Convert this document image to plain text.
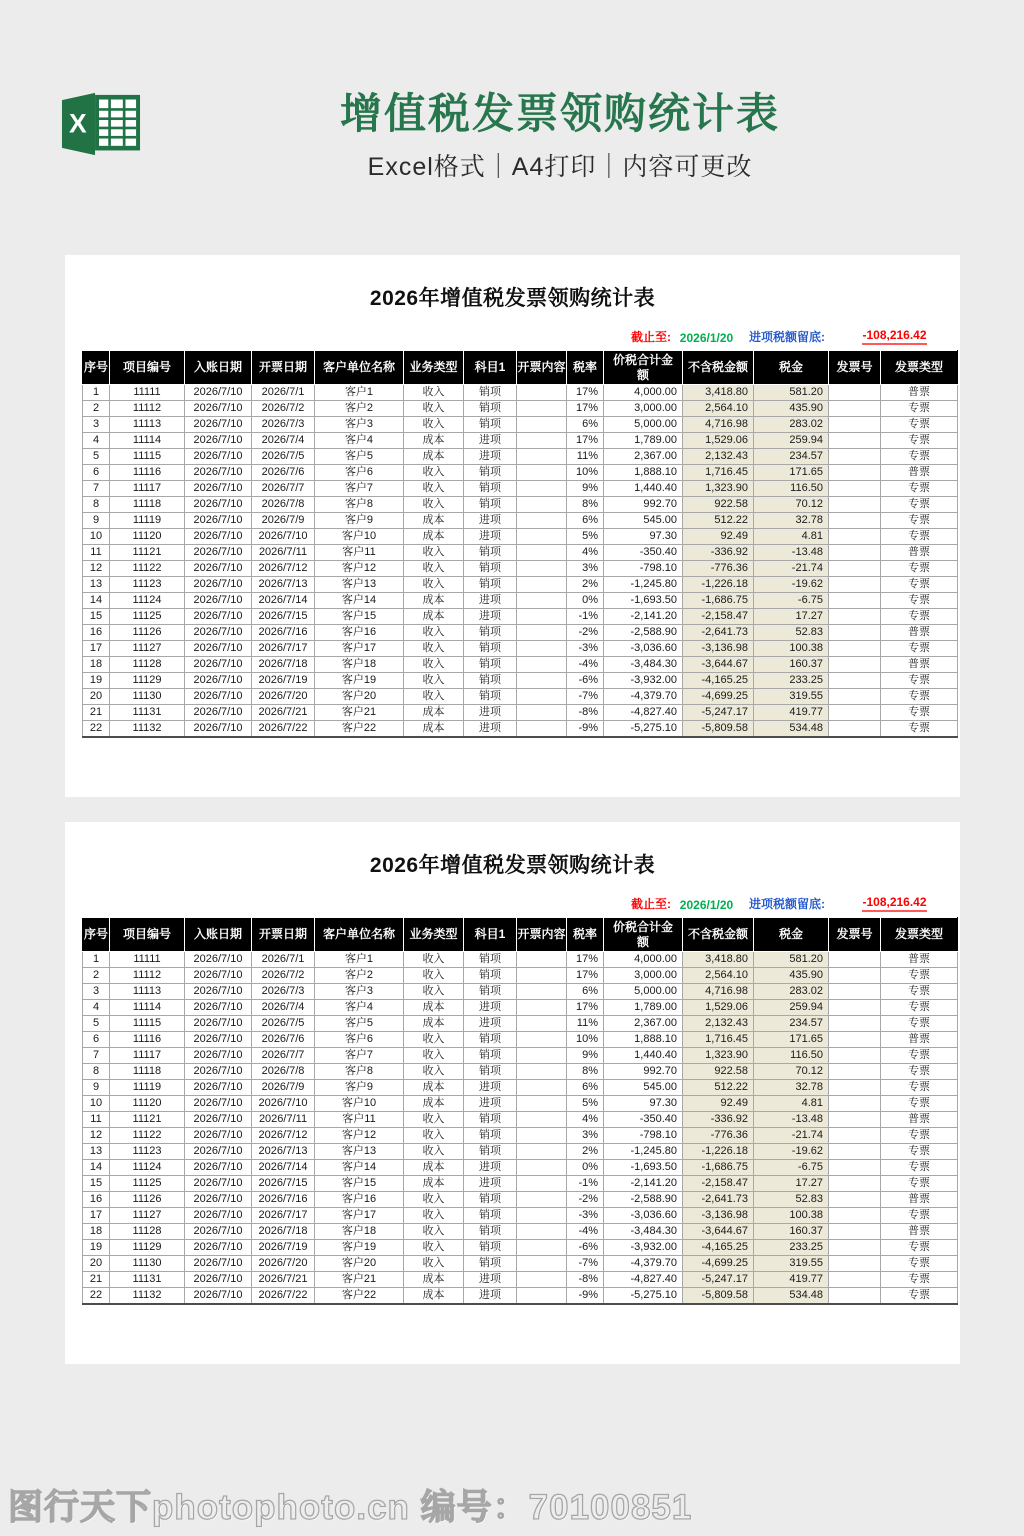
X	增值税发票领购统计表
Excel格式｜A4打印｜内容可更改
2026年增值税发票领购统计表
截止至: 2026/1/20	进项税额留底:	-108,216.42
序号	项目编号	入账日期	开票日期	客户单位名称	业务类型	科目1	开票内容	税率	价税合计金额	不含税金额	税金	发票号	发票类型
1	11111	2026/7/10	2026/7/1	客户1	收入	销项		17%	4,000.00	3,418.80	581.20		普票
2	11112	2026/7/10	2026/7/2	客户2	收入	销项		17%	3,000.00	2,564.10	435.90		专票
3	11113	2026/7/10	2026/7/3	客户3	收入	销项		6%	5,000.00	4,716.98	283.02		专票
4	11114	2026/7/10	2026/7/4	客户4	成本	进项		17%	1,789.00	1,529.06	259.94		专票
5	11115	2026/7/10	2026/7/5	客户5	成本	进项		11%	2,367.00	2,132.43	234.57		专票
6	11116	2026/7/10	2026/7/6	客户6	收入	销项		10%	1,888.10	1,716.45	171.65		普票
7	11117	2026/7/10	2026/7/7	客户7	收入	销项		9%	1,440.40	1,323.90	116.50		专票
8	11118	2026/7/10	2026/7/8	客户8	收入	销项		8%	992.70	922.58	70.12		专票
9	11119	2026/7/10	2026/7/9	客户9	成本	进项		6%	545.00	512.22	32.78		专票
10	11120	2026/7/10	2026/7/10	客户10	成本	进项		5%	97.30	92.49	4.81		专票
11	11121	2026/7/10	2026/7/11	客户11	收入	销项		4%	-350.40	-336.92	-13.48		普票
12	11122	2026/7/10	2026/7/12	客户12	收入	销项		3%	-798.10	-776.36	-21.74		专票
13	11123	2026/7/10	2026/7/13	客户13	收入	销项		2%	-1,245.80	-1,226.18	-19.62		专票
14	11124	2026/7/10	2026/7/14	客户14	成本	进项		0%	-1,693.50	-1,686.75	-6.75		专票
15	11125	2026/7/10	2026/7/15	客户15	成本	进项		-1%	-2,141.20	-2,158.47	17.27		专票
16	11126	2026/7/10	2026/7/16	客户16	收入	销项		-2%	-2,588.90	-2,641.73	52.83		普票
17	11127	2026/7/10	2026/7/17	客户17	收入	销项		-3%	-3,036.60	-3,136.98	100.38		专票
18	11128	2026/7/10	2026/7/18	客户18	收入	销项		-4%	-3,484.30	-3,644.67	160.37		普票
19	11129	2026/7/10	2026/7/19	客户19	收入	销项		-6%	-3,932.00	-4,165.25	233.25		专票
20	11130	2026/7/10	2026/7/20	客户20	收入	销项		-7%	-4,379.70	-4,699.25	319.55		专票
21	11131	2026/7/10	2026/7/21	客户21	成本	进项		-8%	-4,827.40	-5,247.17	419.77		专票
22	11132	2026/7/10	2026/7/22	客户22	成本	进项		-9%	-5,275.10	-5,809.58	534.48		专票
2026年增值税发票领购统计表
截止至: 2026/1/20	进项税额留底:	-108,216.42
序号	项目编号	入账日期	开票日期	客户单位名称	业务类型	科目1	开票内容	税率	价税合计金额	不含税金额	税金	发票号	发票类型
1	11111	2026/7/10	2026/7/1	客户1	收入	销项		17%	4,000.00	3,418.80	581.20		普票
2	11112	2026/7/10	2026/7/2	客户2	收入	销项		17%	3,000.00	2,564.10	435.90		专票
3	11113	2026/7/10	2026/7/3	客户3	收入	销项		6%	5,000.00	4,716.98	283.02		专票
4	11114	2026/7/10	2026/7/4	客户4	成本	进项		17%	1,789.00	1,529.06	259.94		专票
5	11115	2026/7/10	2026/7/5	客户5	成本	进项		11%	2,367.00	2,132.43	234.57		专票
6	11116	2026/7/10	2026/7/6	客户6	收入	销项		10%	1,888.10	1,716.45	171.65		普票
7	11117	2026/7/10	2026/7/7	客户7	收入	销项		9%	1,440.40	1,323.90	116.50		专票
8	11118	2026/7/10	2026/7/8	客户8	收入	销项		8%	992.70	922.58	70.12		专票
9	11119	2026/7/10	2026/7/9	客户9	成本	进项		6%	545.00	512.22	32.78		专票
10	11120	2026/7/10	2026/7/10	客户10	成本	进项		5%	97.30	92.49	4.81		专票
11	11121	2026/7/10	2026/7/11	客户11	收入	销项		4%	-350.40	-336.92	-13.48		普票
12	11122	2026/7/10	2026/7/12	客户12	收入	销项		3%	-798.10	-776.36	-21.74		专票
13	11123	2026/7/10	2026/7/13	客户13	收入	销项		2%	-1,245.80	-1,226.18	-19.62		专票
14	11124	2026/7/10	2026/7/14	客户14	成本	进项		0%	-1,693.50	-1,686.75	-6.75		专票
15	11125	2026/7/10	2026/7/15	客户15	成本	进项		-1%	-2,141.20	-2,158.47	17.27		专票
16	11126	2026/7/10	2026/7/16	客户16	收入	销项		-2%	-2,588.90	-2,641.73	52.83		普票
17	11127	2026/7/10	2026/7/17	客户17	收入	销项		-3%	-3,036.60	-3,136.98	100.38		专票
18	11128	2026/7/10	2026/7/18	客户18	收入	销项		-4%	-3,484.30	-3,644.67	160.37		普票
19	11129	2026/7/10	2026/7/19	客户19	收入	销项		-6%	-3,932.00	-4,165.25	233.25		专票
20	11130	2026/7/10	2026/7/20	客户20	收入	销项		-7%	-4,379.70	-4,699.25	319.55		专票
21	11131	2026/7/10	2026/7/21	客户21	成本	进项		-8%	-4,827.40	-5,247.17	419.77		专票
22	11132	2026/7/10	2026/7/22	客户22	成本	进项		-9%	-5,275.10	-5,809.58	534.48		专票
图行天下photophoto.cn 编号：70100851
